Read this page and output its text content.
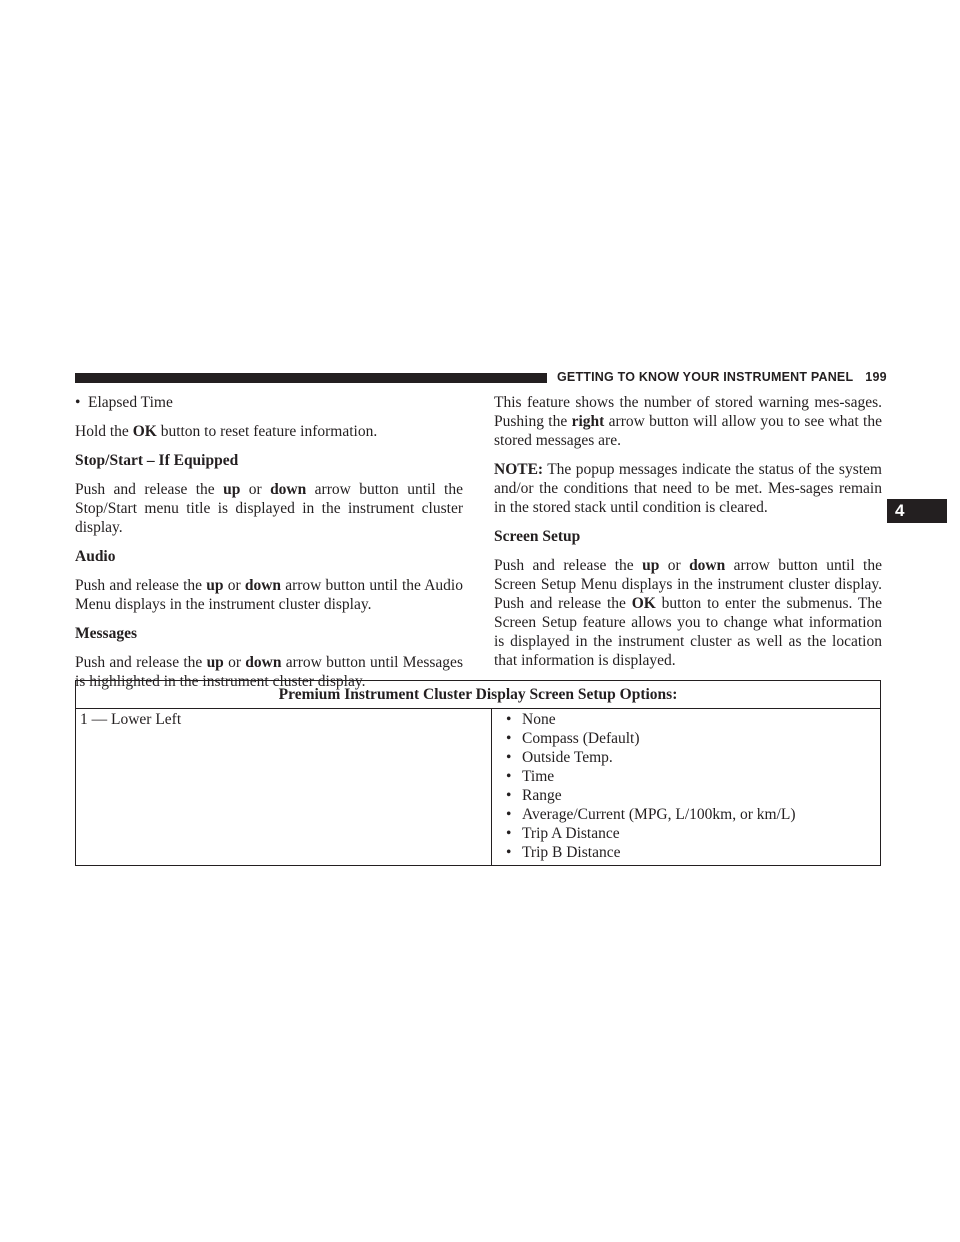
GETTING TO KNOW YOUR INSTRUMENT PANEL 199
4

• Elapsed Time

Hold the OK button to reset feature information.

Stop/Start – If Equipped

Push and release the up or down arrow button until the Stop/Start menu title is displayed in the instrument cluster display.

Audio

Push and release the up or down arrow button until the Audio Menu displays in the instrument cluster display.

Messages

Push and release the up or down arrow button until Messages is highlighted in the instrument cluster display.

This feature shows the number of stored warning mes-sages. Pushing the right arrow button will allow you to see what the stored messages are.

NOTE: The popup messages indicate the status of the system and/or the conditions that need to be met. Mes-sages remain in the stored stack until condition is cleared.

Screen Setup

Push and release the up or down arrow button until the Screen Setup Menu displays in the instrument cluster display. Push and release the OK button to enter the submenus. The Screen Setup feature allows you to change what information is displayed in the instrument cluster as well as the location that information is displayed.

Premium Instrument Cluster Display Screen Setup Options:
1 — Lower Left	• None
• Compass (Default)
• Outside Temp.
• Time
• Range
• Average/Current (MPG, L/100km, or km/L)
• Trip A Distance
• Trip B Distance
